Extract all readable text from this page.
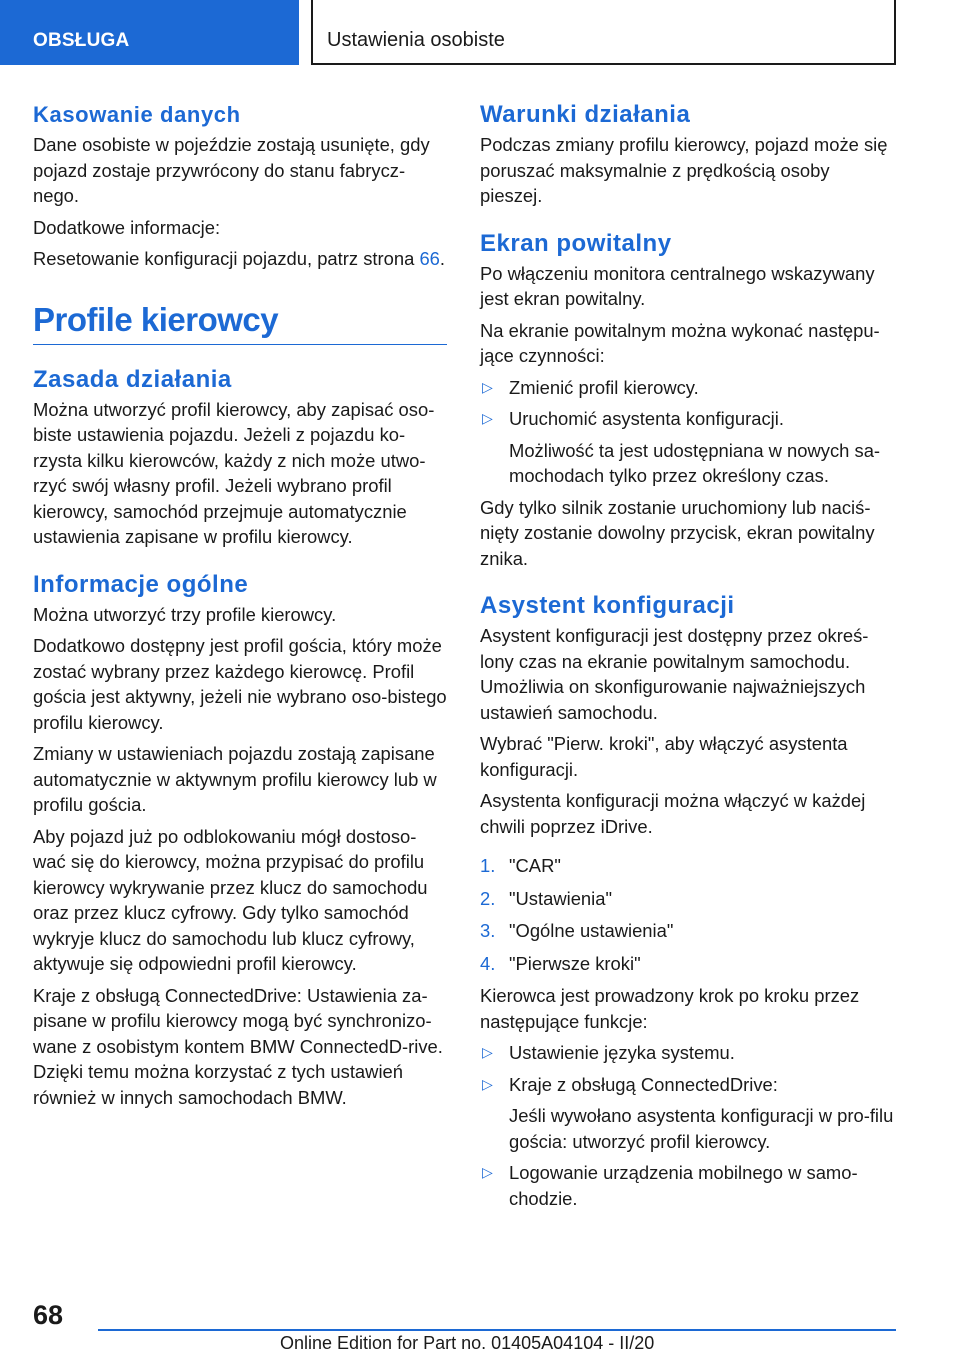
OBSŁUGA	Ustawienia osobiste
Kasowanie danych

Dane osobiste w pojeździe zostają usunięte, gdy pojazd zostaje przywrócony do stanu fabrycz-nego.

Dodatkowe informacje:

Resetowanie konfiguracji pojazdu, patrz strona 66.

Profile kierowcy
Zasada działania

Można utworzyć profil kierowcy, aby zapisać oso-biste ustawienia pojazdu. Jeżeli z pojazdu ko-rzysta kilku kierowców, każdy z nich może utwo-rzyć swój własny profil. Jeżeli wybrano profil kierowcy, samochód przejmuje automatycznie ustawienia zapisane w profilu kierowcy.

Informacje ogólne

Można utworzyć trzy profile kierowcy.

Dodatkowo dostępny jest profil gościa, który może zostać wybrany przez każdego kierowcę. Profil gościa jest aktywny, jeżeli nie wybrano oso-bistego profilu kierowcy.

Zmiany w ustawieniach pojazdu zostają zapisane automatycznie w aktywnym profilu kierowcy lub w profilu gościa.

Aby pojazd już po odblokowaniu mógł dostoso-wać się do kierowcy, można przypisać do profilu kierowcy wykrywanie przez klucz do samochodu oraz przez klucz cyfrowy. Gdy tylko samochód wykryje klucz do samochodu lub klucz cyfrowy, aktywuje się odpowiedni profil kierowcy.

Kraje z obsługą ConnectedDrive: Ustawienia za-pisane w profilu kierowcy mogą być synchronizo-wane z osobistym kontem BMW ConnectedD-rive. Dzięki temu można korzystać z tych ustawień również w innych samochodach BMW.

Warunki działania

Podczas zmiany profilu kierowcy, pojazd może się poruszać maksymalnie z prędkością osoby pieszej.

Ekran powitalny

Po włączeniu monitora centralnego wskazywany jest ekran powitalny.

Na ekranie powitalnym można wykonać następu-jące czynności:

▷ Zmienić profil kierowcy.
▷ Uruchomić asystenta konfiguracji.
Możliwość ta jest udostępniana w nowych sa-mochodach tylko przez określony czas.

Gdy tylko silnik zostanie uruchomiony lub naciś-nięty zostanie dowolny przycisk, ekran powitalny znika.

Asystent konfiguracji

Asystent konfiguracji jest dostępny przez okreś-lony czas na ekranie powitalnym samochodu. Umożliwia on skonfigurowanie najważniejszych ustawień samochodu.

Wybrać "Pierw. kroki", aby włączyć asystenta konfiguracji.

Asystenta konfiguracji można włączyć w każdej chwili poprzez iDrive.

1. "CAR"
2. "Ustawienia"
3. "Ogólne ustawienia"
4. "Pierwsze kroki"

Kierowca jest prowadzony krok po kroku przez następujące funkcje:

▷ Ustawienie języka systemu.
▷ Kraje z obsługą ConnectedDrive:
Jeśli wywołano asystenta konfiguracji w pro-filu gościa: utworzyć profil kierowcy.
▷ Logowanie urządzenia mobilnego w samo-chodzie.
68
Online Edition for Part no. 01405A04104 - II/20
